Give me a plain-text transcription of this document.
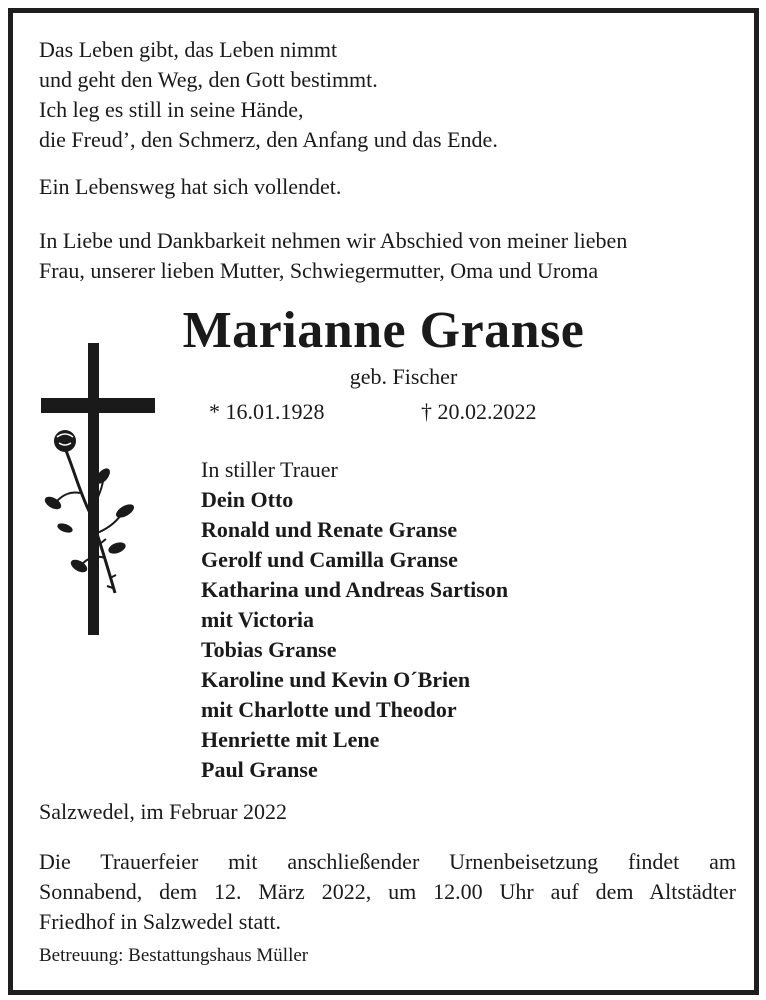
Das Leben gibt, das Leben nimmt
und geht den Weg, den Gott bestimmt.
Ich leg es still in seine Hände,
die Freud’, den Schmerz, den Anfang und das Ende.
Ein Lebensweg hat sich vollendet.
In Liebe und Dankbarkeit nehmen wir Abschied von meiner lieben
Frau, unserer lieben Mutter, Schwiegermutter, Oma und Uroma
Marianne Granse
geb. Fischer
* 16.01.1928	† 20.02.2022
In stiller Trauer
Dein Otto
Ronald und Renate Granse
Gerolf und Camilla Granse
Katharina und Andreas Sartison
mit Victoria
Tobias Granse
Karoline und Kevin O´Brien
mit Charlotte und Theodor
Henriette mit Lene
Paul Granse
Salzwedel, im Februar 2022
Die Trauerfeier mit anschließender Urnenbeisetzung findet am
Sonnabend, dem 12. März 2022, um 12.00 Uhr auf dem Altstädter
Friedhof in Salzwedel statt.
Betreuung: Bestattungshaus Müller
